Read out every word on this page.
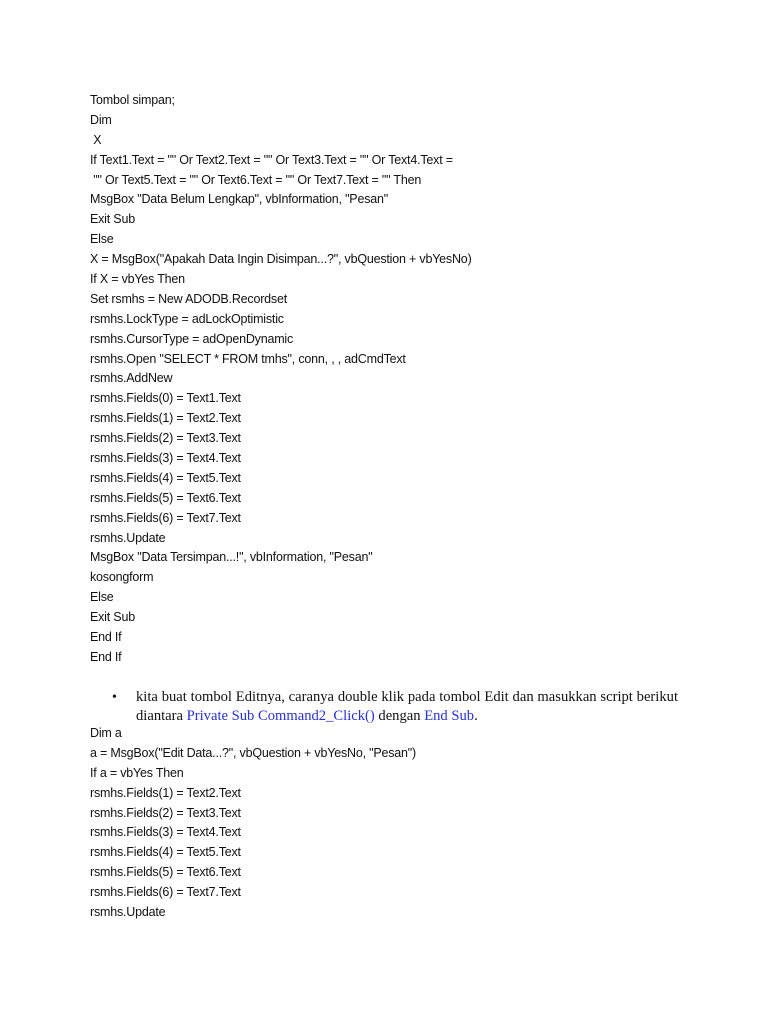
Tombol simpan;
Dim
X
If Text1.Text = "" Or Text2.Text = "" Or Text3.Text = "" Or Text4.Text =
"" Or Text5.Text = "" Or Text6.Text = "" Or Text7.Text = "" Then
MsgBox "Data Belum Lengkap", vbInformation, "Pesan"
Exit Sub
Else
X = MsgBox("Apakah Data Ingin Disimpan...?", vbQuestion + vbYesNo)
If X = vbYes Then
Set rsmhs = New ADODB.Recordset
rsmhs.LockType = adLockOptimistic
rsmhs.CursorType = adOpenDynamic
rsmhs.Open "SELECT * FROM tmhs", conn, , , adCmdText
rsmhs.AddNew
rsmhs.Fields(0) = Text1.Text
rsmhs.Fields(1) = Text2.Text
rsmhs.Fields(2) = Text3.Text
rsmhs.Fields(3) = Text4.Text
rsmhs.Fields(4) = Text5.Text
rsmhs.Fields(5) = Text6.Text
rsmhs.Fields(6) = Text7.Text
rsmhs.Update
MsgBox "Data Tersimpan...!", vbInformation, "Pesan"
kosongform
Else
Exit Sub
End If
End If
•	kita buat tombol Editnya, caranya double klik pada tombol Edit dan masukkan script berikut diantara Private Sub Command2_Click() dengan End Sub.
Dim a
a = MsgBox("Edit Data...?", vbQuestion + vbYesNo, "Pesan")
If a = vbYes Then
rsmhs.Fields(1) = Text2.Text
rsmhs.Fields(2) = Text3.Text
rsmhs.Fields(3) = Text4.Text
rsmhs.Fields(4) = Text5.Text
rsmhs.Fields(5) = Text6.Text
rsmhs.Fields(6) = Text7.Text
rsmhs.Update
